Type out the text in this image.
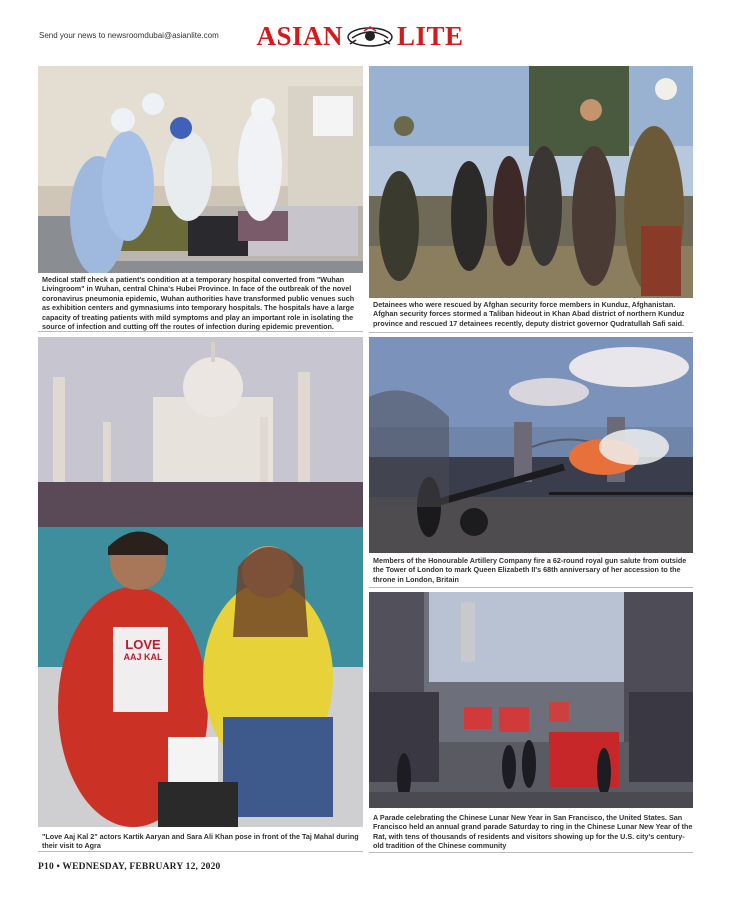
Send your news to newsroomdubai@asianlite.com ASIAN LITE
Medical staff check a patient's condition at a temporary hospital converted from "Wuhan Livingroom" in Wuhan, central China's Hubei Province. In face of the outbreak of the novel coronavirus pneumonia epidemic, Wuhan authorities have transformed public venues such as exhibition centers and gymnasiums into temporary hospitals. The hospitals have a large capacity of treating patients with mild symptoms and play an important role in isolating the source of infection and cutting off the routes of infection during epidemic prevention.
Detainees who were rescued by Afghan security force members in Kunduz, Afghanistan. Afghan security forces stormed a Taliban hideout in Khan Abad district of northern Kunduz province and rescued 17 detainees recently, deputy district governor Qudratullah Safi said.
LOVE
AAJ KAL
"Love Aaj Kal 2" actors Kartik Aaryan and Sara Ali Khan pose in front of the Taj Mahal during their visit to Agra
Members of the Honourable Artillery Company fire a 62-round royal gun salute from outside the Tower of London to mark Queen Elizabeth II's 68th anniversary of her accession to the throne in London, Britain
A Parade celebrating the Chinese Lunar New Year in San Francisco, the United States. San Francisco held an annual grand parade Saturday to ring in the Chinese Lunar New Year of the Rat, with tens of thousands of residents and visitors showing up for the U.S. city's century-old tradition of the Chinese community
P10 • WEDNESDAY, FEBRUARY 12, 2020
